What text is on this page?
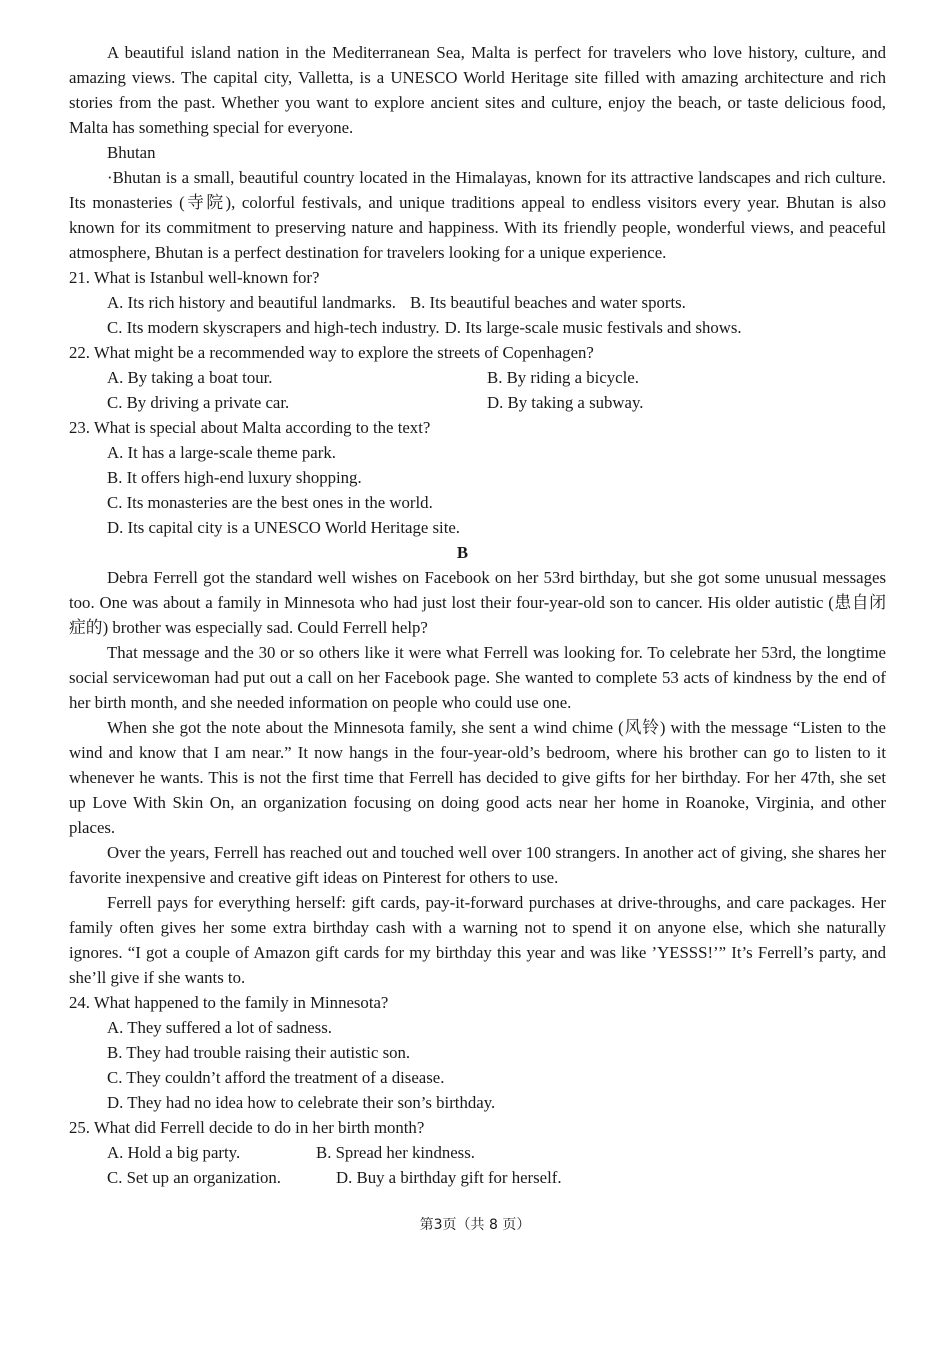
A beautiful island nation in the Mediterranean Sea, Malta is perfect for travelers who love history, culture, and amazing views. The capital city, Valletta, is a UNESCO World Heritage site filled with amazing architecture and rich stories from the past. Whether you want to explore ancient sites and culture, enjoy the beach, or taste delicious food, Malta has something special for everyone.

Bhutan

·Bhutan is a small, beautiful country located in the Himalayas, known for its attractive landscapes and rich culture. Its monasteries (寺院), colorful festivals, and unique traditions appeal to endless visitors every year. Bhutan is also known for its commitment to preserving nature and happiness. With its friendly people, wonderful views, and peaceful atmosphere, Bhutan is a perfect destination for travelers looking for a unique experience.

21. What is Istanbul well-known for?

A. Its rich history and beautiful landmarks. B. Its beautiful beaches and water sports.
C. Its modern skyscrapers and high-tech industry. D. Its large-scale music festivals and shows.

22. What might be a recommended way to explore the streets of Copenhagen?

A. By taking a boat tour.	B. By riding a bicycle.
C. By driving a private car.	D. By taking a subway.

23. What is special about Malta according to the text?

A. It has a large-scale theme park.

B. It offers high-end luxury shopping.

C. Its monasteries are the best ones in the world.

D. Its capital city is a UNESCO World Heritage site.

B

Debra Ferrell got the standard well wishes on Facebook on her 53rd birthday, but she got some unusual messages too. One was about a family in Minnesota who had just lost their four-year-old son to cancer. His older autistic (患自闭症的) brother was especially sad. Could Ferrell help?

That message and the 30 or so others like it were what Ferrell was looking for. To celebrate her 53rd, the longtime social servicewoman had put out a call on her Facebook page. She wanted to complete 53 acts of kindness by the end of her birth month, and she needed information on people who could use one.

When she got the note about the Minnesota family, she sent a wind chime (风铃) with the message “Listen to the wind and know that I am near.” It now hangs in the four-year-old’s bedroom, where his brother can go to listen to it whenever he wants. This is not the first time that Ferrell has decided to give gifts for her birthday. For her 47th, she set up Love With Skin On, an organization focusing on doing good acts near her home in Roanoke, Virginia, and other places.

Over the years, Ferrell has reached out and touched well over 100 strangers. In another act of giving, she shares her favorite inexpensive and creative gift ideas on Pinterest for others to use.

Ferrell pays for everything herself: gift cards, pay-it-forward purchases at drive-throughs, and care packages. Her family often gives her some extra birthday cash with a warning not to spend it on anyone else, which she naturally ignores. “I got a couple of Amazon gift cards for my birthday this year and was like ’YESSS!’” It’s Ferrell’s party, and she’ll give if she wants to.

24. What happened to the family in Minnesota?

A. They suffered a lot of sadness.

B. They had trouble raising their autistic son.

C. They couldn’t afford the treatment of a disease.

D. They had no idea how to celebrate their son’s birthday.

25. What did Ferrell decide to do in her birth month?

A. Hold a big party.	B. Spread her kindness.
C. Set up an organization.	D. Buy a birthday gift for herself.
第3页（共 8 页）
